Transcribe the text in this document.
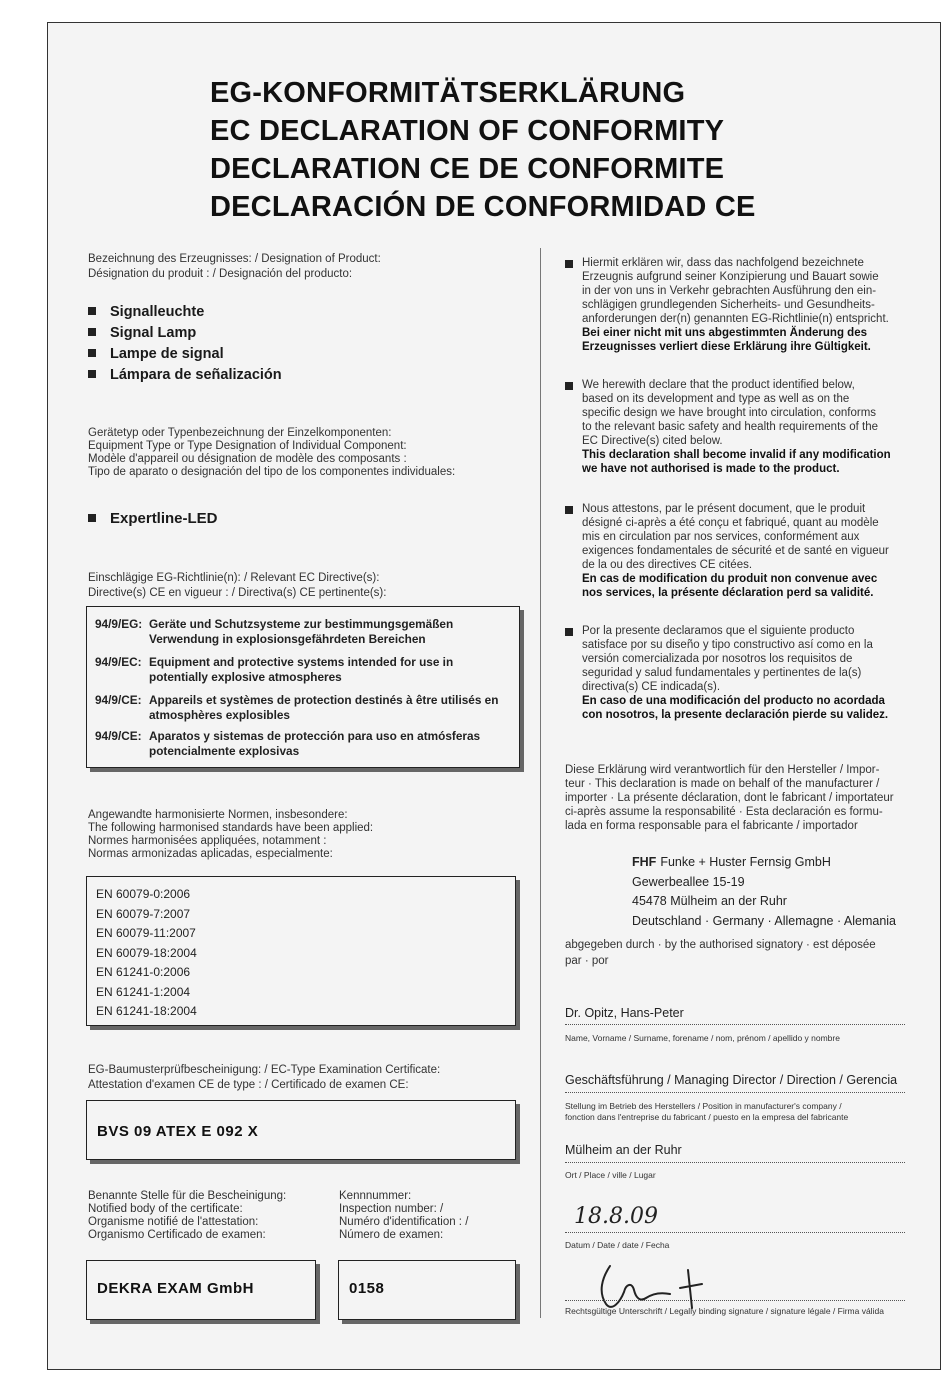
EG-KONFORMITÄTSERKLÄRUNG
EC DECLARATION OF CONFORMITY
DECLARATION CE DE CONFORMITE
DECLARACIÓN DE CONFORMIDAD CE
Bezeichnung des Erzeugnisses: / Designation of Product:
Désignation du produit : / Designación del producto:
Signalleuchte
Signal Lamp
Lampe de signal
Lámpara de señalización
Gerätetyp oder Typenbezeichnung der Einzelkomponenten:
Equipment Type or Type Designation of Individual Component:
Modèle d'appareil ou désignation de modèle des composants :
Tipo de aparato o designación del tipo de los componentes individuales:
Expertline-LED
Einschlägige EG-Richtlinie(n): / Relevant EC Directive(s):
Directive(s) CE en vigueur : / Directiva(s) CE pertinente(s):
94/9/EG: Geräte und Schutzsysteme zur bestimmungsgemäßen Verwendung in explosionsgefährdeten Bereichen
94/9/EC: Equipment and protective systems intended for use in potentially explosive atmospheres
94/9/CE: Appareils et systèmes de protection destinés à être utilisés en atmosphères explosibles
94/9/CE: Aparatos y sistemas de protección para uso en atmósferas potencialmente explosivas
Angewandte harmonisierte Normen, insbesondere:
The following harmonised standards have been applied:
Normes harmonisées appliquées, notamment :
Normas armonizadas aplicadas, especialmente:
EN 60079-0:2006
EN 60079-7:2007
EN 60079-11:2007
EN 60079-18:2004
EN 61241-0:2006
EN 61241-1:2004
EN 61241-18:2004
EG-Baumusterprüfbescheinigung: / EC-Type Examination Certificate:
Attestation d'examen CE de type : / Certificado de examen CE:
BVS 09 ATEX E 092 X
Benannte Stelle für die Bescheinigung:
Notified body of the certificate:
Organisme notifié de l'attestation:
Organismo Certificado de examen:
Kennnummer:
Inspection number: /
Numéro d'identification : /
Número de examen:
DEKRA EXAM GmbH	0158
Hiermit erklären wir, dass das nachfolgend bezeichnete
Erzeugnis aufgrund seiner Konzipierung und Bauart sowie
in der von uns in Verkehr gebrachten Ausführung den ein-
schlägigen grundlegenden Sicherheits- und Gesundheits-
anforderungen der(n) genannten EG-Richtlinie(n) entspricht.
Bei einer nicht mit uns abgestimmten Änderung des
Erzeugnisses verliert diese Erklärung ihre Gültigkeit.
We herewith declare that the product identified below,
based on its development and type as well as on the
specific design we have brought into circulation, conforms
to the relevant basic safety and health requirements of the
EC Directive(s) cited below.
This declaration shall become invalid if any modification
we have not authorised is made to the product.
Nous attestons, par le présent document, que le produit
désigné ci-après a été conçu et fabriqué, quant au modèle
mis en circulation par nos services, conformément aux
exigences fondamentales de sécurité et de santé en vigueur
de la ou des directives CE citées.
En cas de modification du produit non convenue avec
nos services, la présente déclaration perd sa validité.
Por la presente declaramos que el siguiente producto
satisface por su diseño y tipo constructivo así como en la
versión comercializada por nosotros los requisitos de
seguridad y salud fundamentales y pertinentes de la(s)
directiva(s) CE indicada(s).
En caso de una modificación del producto no acordada
con nosotros, la presente declaración pierde su validez.
Diese Erklärung wird verantwortlich für den Hersteller / Impor-
teur · This declaration is made on behalf of the manufacturer /
importer · La présente déclaration, dont le fabricant / importateur
ci-après assume la responsabilité · Esta declaración es formu-
lada en forma responsable para el fabricante / importador
FHF Funke + Huster Fernsig GmbH
Gewerbeallee 15-19
45478 Mülheim an der Ruhr
Deutschland · Germany · Allemagne · Alemania
abgegeben durch · by the authorised signatory · est déposée
par · por
Dr. Opitz, Hans-Peter
Name, Vorname / Surname, forename / nom, prénom / apellido y nombre
Geschäftsführung / Managing Director / Direction / Gerencia
Stellung im Betrieb des Herstellers / Position in manufacturer's company /
fonction dans l'entreprise du fabricant / puesto en la empresa del fabricante
Mülheim an der Ruhr
Ort / Place / ville / Lugar
18.8.09
Datum / Date / date / Fecha
Rechtsgültige Unterschrift / Legally binding signature / signature légale / Firma válida
